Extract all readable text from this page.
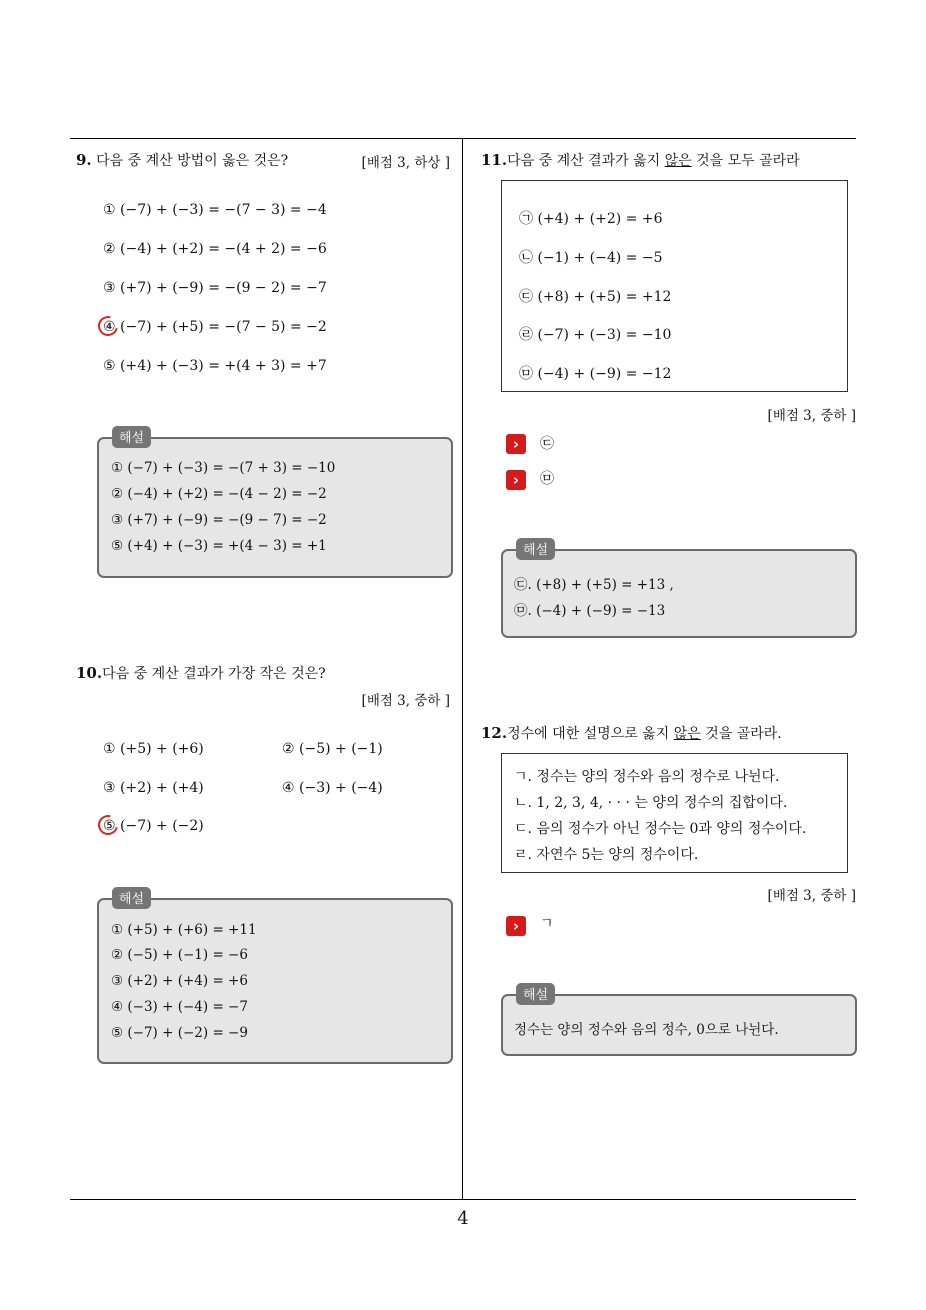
4
9. 다음 중 계산 방법이 옳은 것은?	[배점 3, 하상 ]
① (−7) + (−3) = −(7 − 3) = −4
② (−4) + (+2) = −(4 + 2) = −6
③ (+7) + (−9) = −(9 − 2) = −7
④ (−7) + (+5) = −(7 − 5) = −2
⑤ (+4) + (−3) = +(4 + 3) = +7
① (−7) + (−3) = −(7 + 3) = −10
② (−4) + (+2) = −(4 − 2) = −2
③ (+7) + (−9) = −(9 − 7) = −2
⑤ (+4) + (−3) = +(4 − 3) = +1
해설
10.다음 중 계산 결과가 가장 작은 것은?
[배점 3, 중하 ]
① (+5) + (+6)	② (−5) + (−1)
③ (+2) + (+4)	④ (−3) + (−4)
⑤ (−7) + (−2)
① (+5) + (+6) = +11
② (−5) + (−1) = −6
③ (+2) + (+4) = +6
④ (−3) + (−4) = −7
⑤ (−7) + (−2) = −9
해설
11.다음 중 계산 결과가 옳지 않은 것을 모두 골라라
㉠ (+4) + (+2) = +6
㉡ (−1) + (−4) = −5
㉢ (+8) + (+5) = +12
㉣ (−7) + (−3) = −10
㉤ (−4) + (−9) = −12
[배점 3, 중하 ]
›	㉢
›	㉤
㉢. (+8) + (+5) = +13 ,
㉤. (−4) + (−9) = −13
해설
12.정수에 대한 설명으로 옳지 않은 것을 골라라.
ㄱ. 정수는 양의 정수와 음의 정수로 나뉜다.
ㄴ. 1, 2, 3, 4, · · · 는 양의 정수의 집합이다.
ㄷ. 음의 정수가 아닌 정수는 0과 양의 정수이다.
ㄹ. 자연수 5는 양의 정수이다.
[배점 3, 중하 ]
›	ㄱ
정수는 양의 정수와 음의 정수, 0으로 나뉜다.
해설
